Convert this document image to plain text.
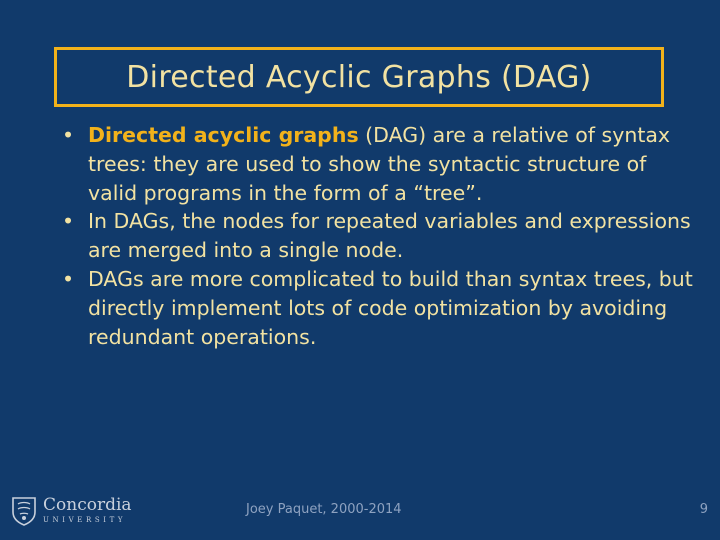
Directed Acyclic Graphs (DAG)
• Directed acyclic graphs (DAG) are a relative of syntax trees: they are used to show the syntactic structure of valid programs in the form of a “tree”.
• In DAGs, the nodes for repeated variables and expressions are merged into a single node.
• DAGs are more complicated to build than syntax trees, but directly implement lots of code optimization by avoiding redundant operations.
Concordia
UNIVERSITY
Joey Paquet, 2000-2014	9
